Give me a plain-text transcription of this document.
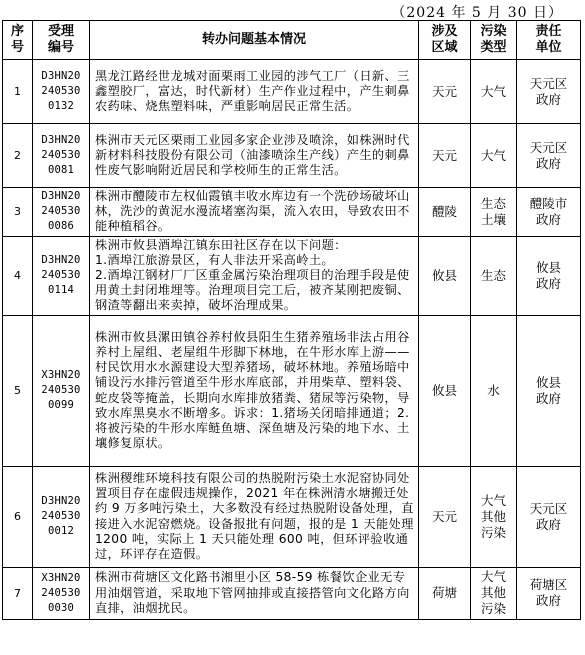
（2024 年 5 月 30 日）
序
号	受理
编号	转办问题基本情况	涉及
区域	污染
类型	责任
单位

1	D3HN20
240530
0132	黑龙江路经世龙城对面栗雨工业园的涉气工厂（日新、三鑫塑胶厂，富达，时代新材）生产作业过程中，产生刺鼻农药味、烧焦塑料味，严重影响居民正常生活。	天元	大气	天元区
政府

2	D3HN20
240530
0081	株洲市天元区栗雨工业园多家企业涉及喷涂，如株洲时代新材料科技股份有限公司（油漆喷涂生产线）产生的刺鼻性废气影响附近居民和学校师生的正常生活。	天元	大气	天元区
政府

3	D3HN20
240530
0086	株洲市醴陵市左权仙霞镇丰收水库边有一个洗砂场破坏山林，洗沙的黄泥水漫流堵塞沟渠，流入农田，导致农田不能种植稻谷。	醴陵	生态
土壤	醴陵市
政府

4	D3HN20
240530
0114	株洲市攸县酒埠江镇东田社区存在以下问题：
1.酒埠江旅游景区，有人非法开采高岭土。
2.酒埠江钢材厂厂区重金属污染治理项目的治理手段是使用黄土封闭堆埋等。治理项目完工后，被齐某刚把废铜、钢渣等翻出来卖掉，破坏治理成果。	攸县	生态	攸县
政府

5	X3HN20
240530
0099	株洲市攸县漯田镇谷养村攸县阳生生猪养殖场非法占用谷养村上屋组、老屋组牛形脚下林地，在牛形水库上游——村民饮用水水源建设大型养猪场，破坏林地。养殖场暗中铺设污水排污管道至牛形水库底部，并用柴草、塑料袋、蛇皮袋等掩盖，长期向水库排放猪粪、猪尿等污染物，导致水库黑臭水不断增多。诉求：1.猪场关闭暗排通道；2.将被污染的牛形水库鲢鱼塘、深鱼塘及污染的地下水、土壤修复原状。	攸县	水	攸县
政府

6	D3HN20
240530
0012	株洲稷维环境科技有限公司的热脱附污染土水泥窑协同处置项目存在虚假违规操作，2021 年在株洲清水塘搬迁处约 9 万多吨污染土，大多数没有经过热脱附设备处理，直接进入水泥窑燃烧。设备报批有问题，报的是 1 天能处理 1200 吨，实际上 1 天只能处理 600 吨，但环评验收通过，环评存在造假。	天元	大气
其他
污染	天元区
政府

7	X3HN20
240530
0030	株洲市荷塘区文化路书湘里小区 58-59 栋餐饮企业无专用油烟管道，采取地下管网抽排或直接搭管向文化路方向直排，油烟扰民。	荷塘	大气
其他
污染	荷塘区
政府
